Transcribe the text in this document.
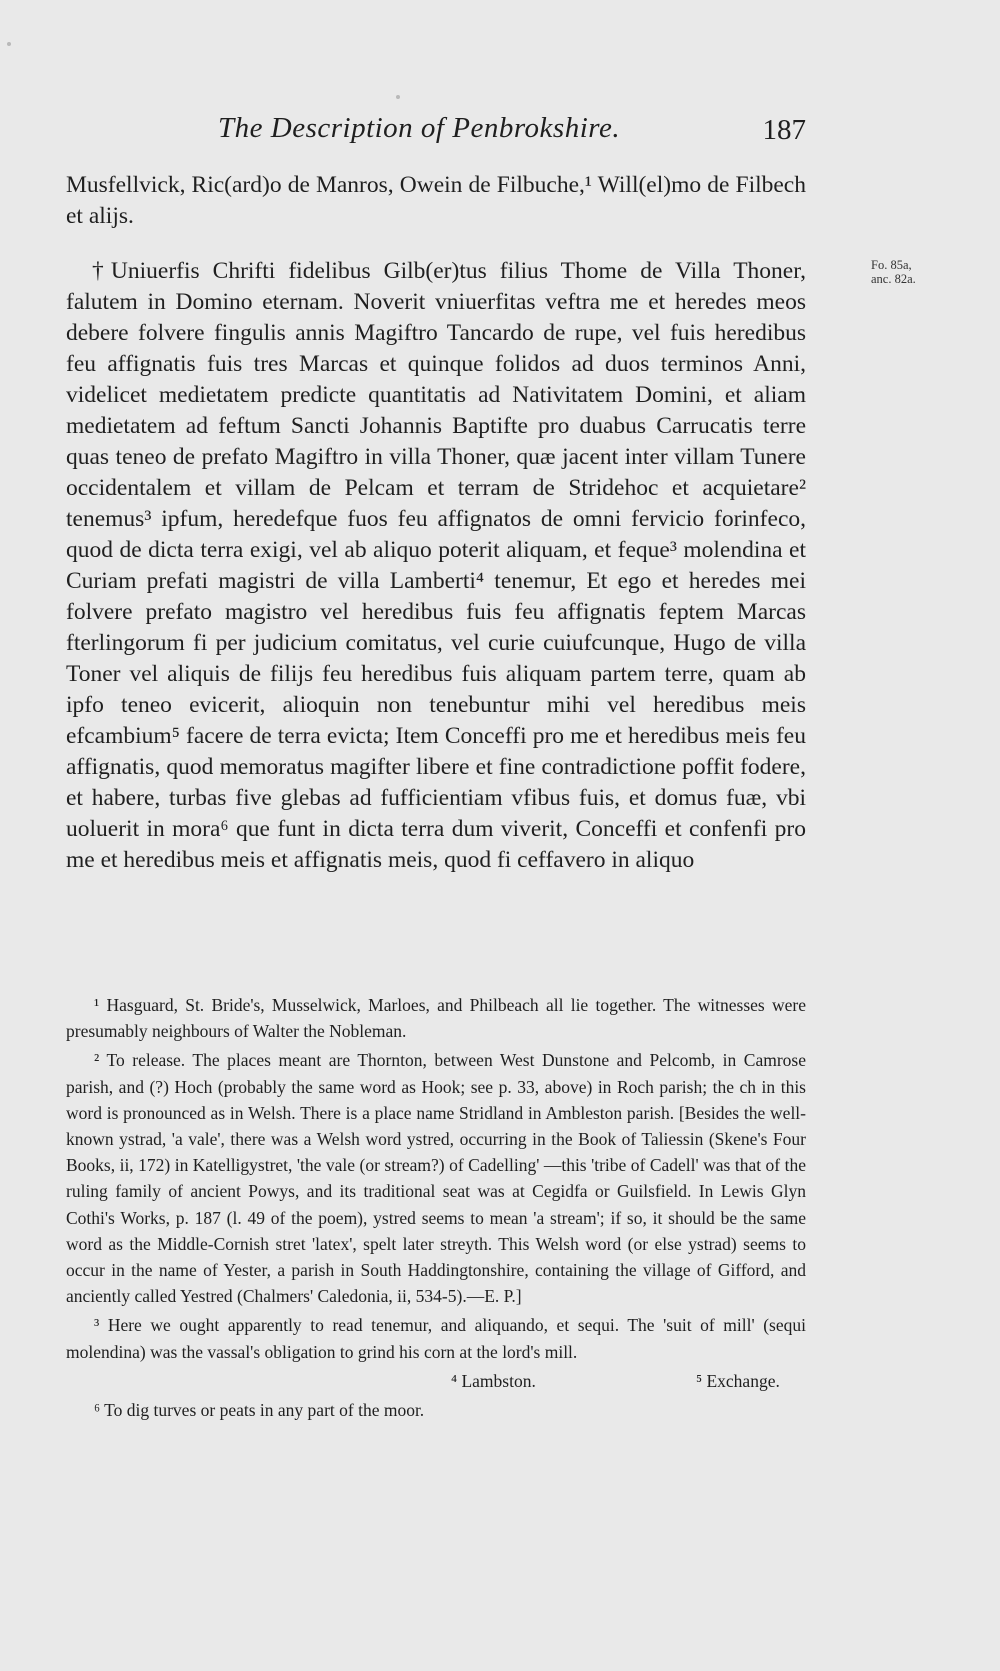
The Description of Penbrokshire.	187
Fo. 85a,
anc. 82a.

Musfellvick, Ric(ard)o de Manros, Owein de Filbuche,¹ Will(el)mo de Filbech et alijs.

†Uniuerfis Chrifti fidelibus Gilb(er)tus filius Thome de Villa Thoner, falutem in Domino eternam. Noverit vniuerfitas veftra me et heredes meos debere folvere fingulis annis Magiftro Tancardo de rupe, vel fuis heredibus feu affignatis fuis tres Marcas et quinque folidos ad duos terminos Anni, videlicet medietatem predicte quantitatis ad Nativitatem Domini, et aliam medietatem ad feftum Sancti Johannis Baptifte pro duabus Carrucatis terre quas teneo de prefato Magiftro in villa Thoner, quæ jacent inter villam Tunere occidentalem et villam de Pelcam et terram de Stridehoc et acquietare² tenemus³ ipfum, heredefque fuos feu affignatos de omni fervicio forinfeco, quod de dicta terra exigi, vel ab aliquo poterit aliquam, et feque³ molendina et Curiam prefati magistri de villa Lamberti⁴ tenemur, Et ego et heredes mei folvere prefato magistro vel heredibus fuis feu affignatis feptem Marcas fterlingorum fi per judicium comitatus, vel curie cuiufcunque, Hugo de villa Toner vel aliquis de filijs feu heredibus fuis aliquam partem terre, quam ab ipfo teneo evicerit, alioquin non tenebuntur mihi vel heredibus meis efcambium⁵ facere de terra evicta; Item Conceffi pro me et heredibus meis feu affignatis, quod memoratus magifter libere et fine contradictione poffit fodere, et habere, turbas five glebas ad fufficientiam vfibus fuis, et domus fuæ, vbi uoluerit in mora⁶ que funt in dicta terra dum viverit, Conceffi et confenfi pro me et heredibus meis et affignatis meis, quod fi ceffavero in aliquo

¹ Hasguard, St. Bride's, Musselwick, Marloes, and Philbeach all lie together. The witnesses were presumably neighbours of Walter the Nobleman.

² To release. The places meant are Thornton, between West Dunstone and Pelcomb, in Camrose parish, and (?) Hoch (probably the same word as Hook; see p. 33, above) in Roch parish; the ch in this word is pronounced as in Welsh. There is a place name Stridland in Ambleston parish. [Besides the well-known ystrad, 'a vale', there was a Welsh word ystred, occurring in the Book of Taliessin (Skene's Four Books, ii, 172) in Katelligystret, 'the vale (or stream?) of Cadelling' —this 'tribe of Cadell' was that of the ruling family of ancient Powys, and its traditional seat was at Cegidfa or Guilsfield. In Lewis Glyn Cothi's Works, p. 187 (l. 49 of the poem), ystred seems to mean 'a stream'; if so, it should be the same word as the Middle-Cornish stret 'latex', spelt later streyth. This Welsh word (or else ystrad) seems to occur in the name of Yester, a parish in South Haddingtonshire, containing the village of Gifford, and anciently called Yestred (Chalmers' Caledonia, ii, 534-5).—E. P.]

³ Here we ought apparently to read tenemur, and aliquando, et sequi. The 'suit of mill' (sequi molendina) was the vassal's obligation to grind his corn at the lord's mill.

⁴ Lambston.	⁵ Exchange.

⁶ To dig turves or peats in any part of the moor.
